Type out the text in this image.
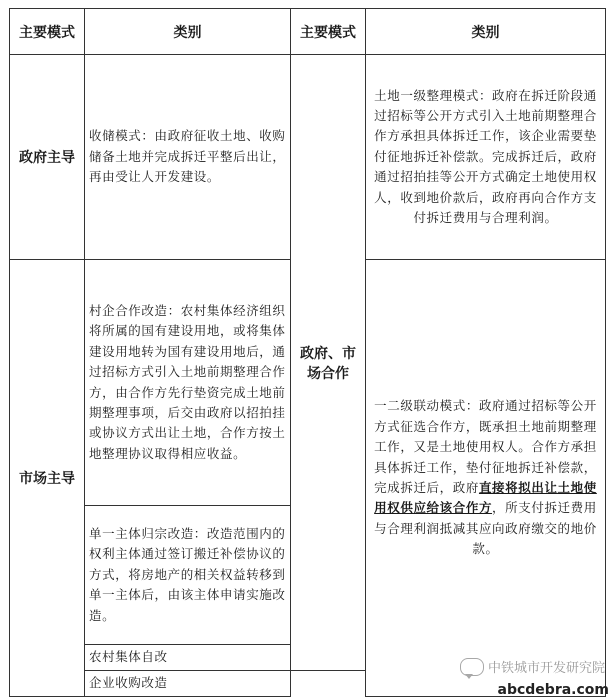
主要模式	类别	主要模式	类别
政府主导	收储模式：由政府征收土地、收购储备土地并完成拆迁平整后出让，再由受让人开发建设。	政府、市场合作	土地一级整理模式：政府在拆迁阶段通过招标等公开方式引入土地前期整理合作方承担具体拆迁工作，该企业需要垫付征地拆迁补偿款。完成拆迁后，政府通过招拍挂等公开方式确定土地使用权人，收到地价款后，政府再向合作方支付拆迁费用与合理利润。
市场主导	村企合作改造：农村集体经济组织将所属的国有建设用地，或将集体建设用地转为国有建设用地后，通过招标方式引入土地前期整理合作方，由合作方先行垫资完成土地前期整理事项，后交由政府以招拍挂或协议方式出让土地，合作方按土地整理协议取得相应收益。		一二级联动模式：政府通过招标等公开方式征选合作方，既承担土地前期整理工作，又是土地使用权人。合作方承担具体拆迁工作，垫付征地拆迁补偿款，完成拆迁后，政府直接将拟出让土地使用权供应给该合作方，所支付拆迁费用与合理利润抵减其应向政府缴交的地价款。
	单一主体归宗改造：改造范围内的权利主体通过签订搬迁补偿协议的方式，将房地产的相关权益转移到单一主体后，由该主体申请实施改造。		
	农村集体自改		
	企业收购改造		
中铁城市开发研究院
abcdebra.com
